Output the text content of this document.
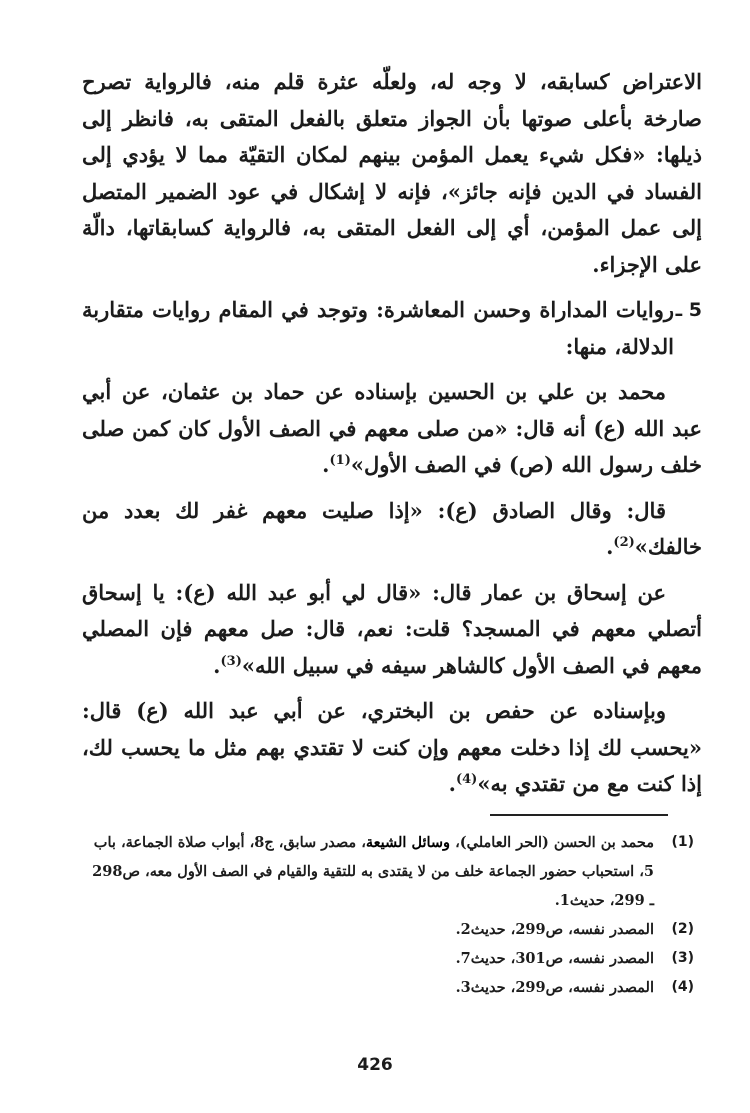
الاعتراض كسابقه، لا وجه له، ولعلّه عثرة قلم منه، فالرواية تصرح صارخة بأعلى صوتها بأن الجواز متعلق بالفعل المتقى به، فانظر إلى ذيلها: «فكل شيء يعمل المؤمن بينهم لمكان التقيّة مما لا يؤدي إلى الفساد في الدين فإنه جائز»، فإنه لا إشكال في عود الضمير المتصل إلى عمل المؤمن، أي إلى الفعل المتقى به، فالرواية كسابقاتها، دالّة على الإجزاء.

5 ـ

روايات المداراة وحسن المعاشرة: وتوجد في المقام روايات متقاربة الدلالة، منها:

محمد بن علي بن الحسين بإسناده عن حماد بن عثمان، عن أبي عبد الله (ع) أنه قال: «من صلى معهم في الصف الأول كان كمن صلى خلف رسول الله (ص) في الصف الأول»$^{(1)}$.

قال: وقال الصادق (ع): «إذا صليت معهم غفر لك بعدد من خالفك»$^{(2)}$.

عن إسحاق بن عمار قال: «قال لي أبو عبد الله (ع): يا إسحاق أتصلي معهم في المسجد؟ قلت: نعم، قال: صل معهم فإن المصلي معهم في الصف الأول كالشاهر سيفه في سبيل الله»$^{(3)}$.

وبإسناده عن حفص بن البختري، عن أبي عبد الله (ع) قال: «يحسب لك إذا دخلت معهم وإن كنت لا تقتدي بهم مثل ما يحسب لك، إذا كنت مع من تقتدي به»$^{(4)}$.

(1)

محمد بن الحسن (الحر العاملي)، وسائل الشيعة، مصدر سابق، ج8، أبواب صلاة الجماعة، باب 5، استحباب حضور الجماعة خلف من لا يقتدى به للتقية والقيام في الصف الأول معه، ص298 ـ 299، حديث1.

(2)

المصدر نفسه، ص299، حديث2.

(3)

المصدر نفسه، ص301، حديث7.

(4)

المصدر نفسه، ص299، حديث3.

426
